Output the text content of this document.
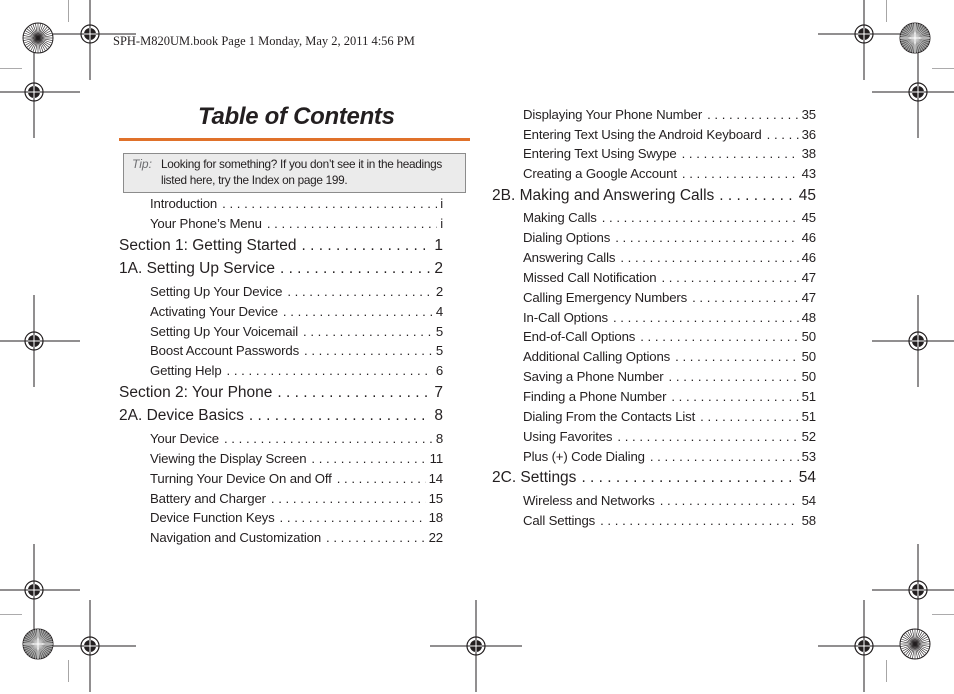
SPH-M820UM.book Page 1 Monday, May 2, 2011 4:56 PM
Table of Contents
Tip: Looking for something? If you don’t see it in the headings listed here, try the Index on page 199.
Introduction . . .	i
Your Phone’s Menu . . .	i
Section 1: Getting Started . . .	1
1A. Setting Up Service . . .	2
Setting Up Your Device . . .	2
Activating Your Device . . .	4
Setting Up Your Voicemail . . .	5
Boost Account Passwords . . .	5
Getting Help . . .	6
Section 2: Your Phone . . .	7
2A. Device Basics . . .	8
Your Device . . .	8
Viewing the Display Screen . . .	11
Turning Your Device On and Off . . .	14
Battery and Charger . . .	15
Device Function Keys . . .	18
Navigation and Customization . . .	22
Displaying Your Phone Number . . .	35
Entering Text Using the Android Keyboard . . .	36
Entering Text Using Swype . . .	38
Creating a Google Account . . .	43
2B. Making and Answering Calls . . .	45
Making Calls . . .	45
Dialing Options . . .	46
Answering Calls . . .	46
Missed Call Notification . . .	47
Calling Emergency Numbers . . .	47
In-Call Options . . .	48
End-of-Call Options . . .	50
Additional Calling Options . . .	50
Saving a Phone Number . . .	50
Finding a Phone Number . . .	51
Dialing From the Contacts List . . .	51
Using Favorites . . .	52
Plus (+) Code Dialing . . .	53
2C. Settings . . .	54
Wireless and Networks . . .	54
Call Settings . . .	58
